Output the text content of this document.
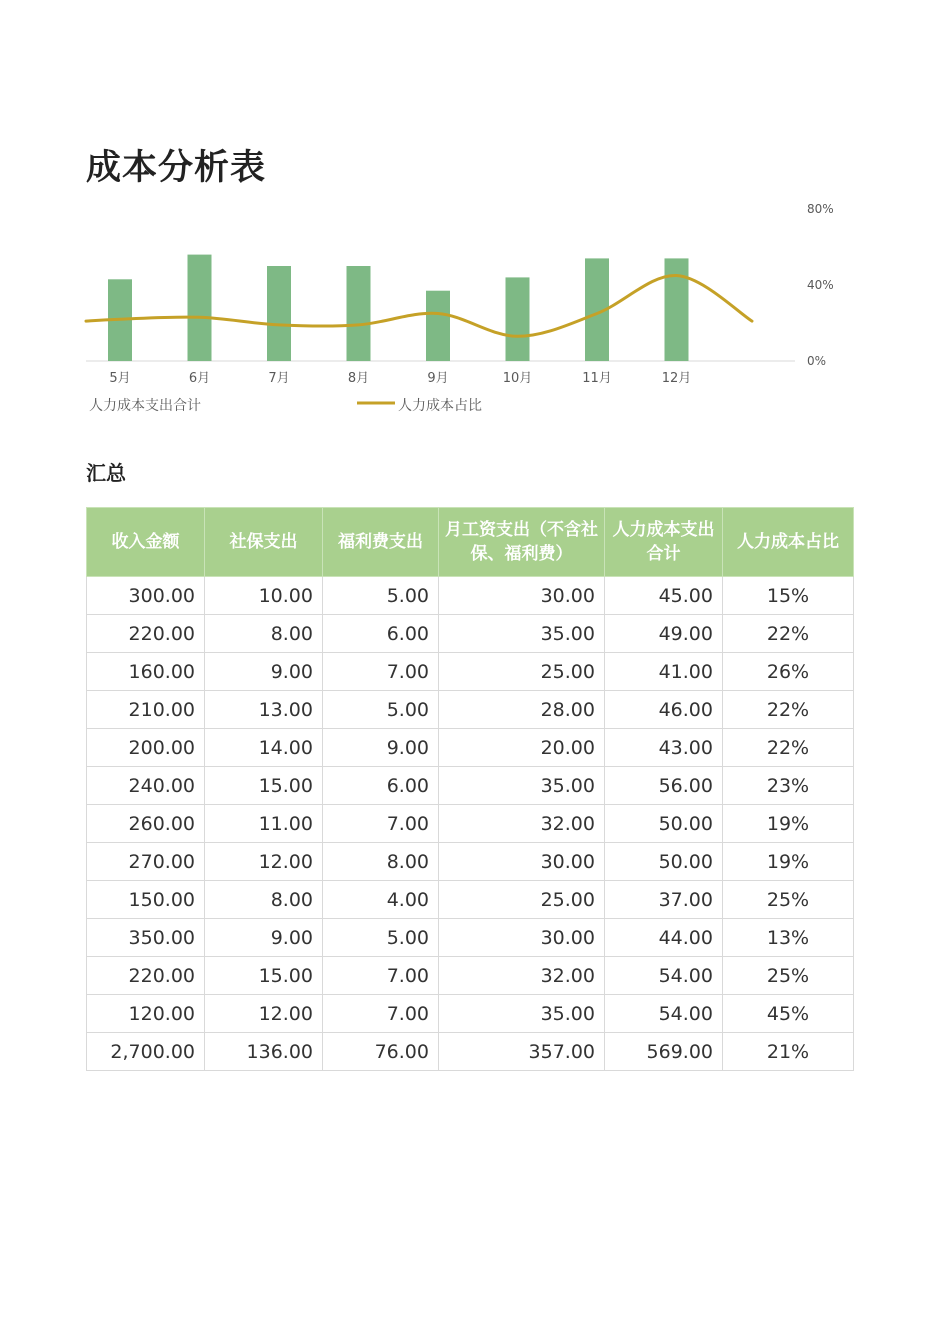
成本分析表
5月	6月	7月	8月	9月	10月	11月	12月
0%
40%
80%
人力成本支出合计	人力成本占比
汇总
收入金额	社保支出	福利费支出	月工资支出（不含社保、福利费）	人力成本支出合计	人力成本占比
300.00	10.00	5.00	30.00	45.00	15%
220.00	8.00	6.00	35.00	49.00	22%
160.00	9.00	7.00	25.00	41.00	26%
210.00	13.00	5.00	28.00	46.00	22%
200.00	14.00	9.00	20.00	43.00	22%
240.00	15.00	6.00	35.00	56.00	23%
260.00	11.00	7.00	32.00	50.00	19%
270.00	12.00	8.00	30.00	50.00	19%
150.00	8.00	4.00	25.00	37.00	25%
350.00	9.00	5.00	30.00	44.00	13%
220.00	15.00	7.00	32.00	54.00	25%
120.00	12.00	7.00	35.00	54.00	45%
2,700.00	136.00	76.00	357.00	569.00	21%
